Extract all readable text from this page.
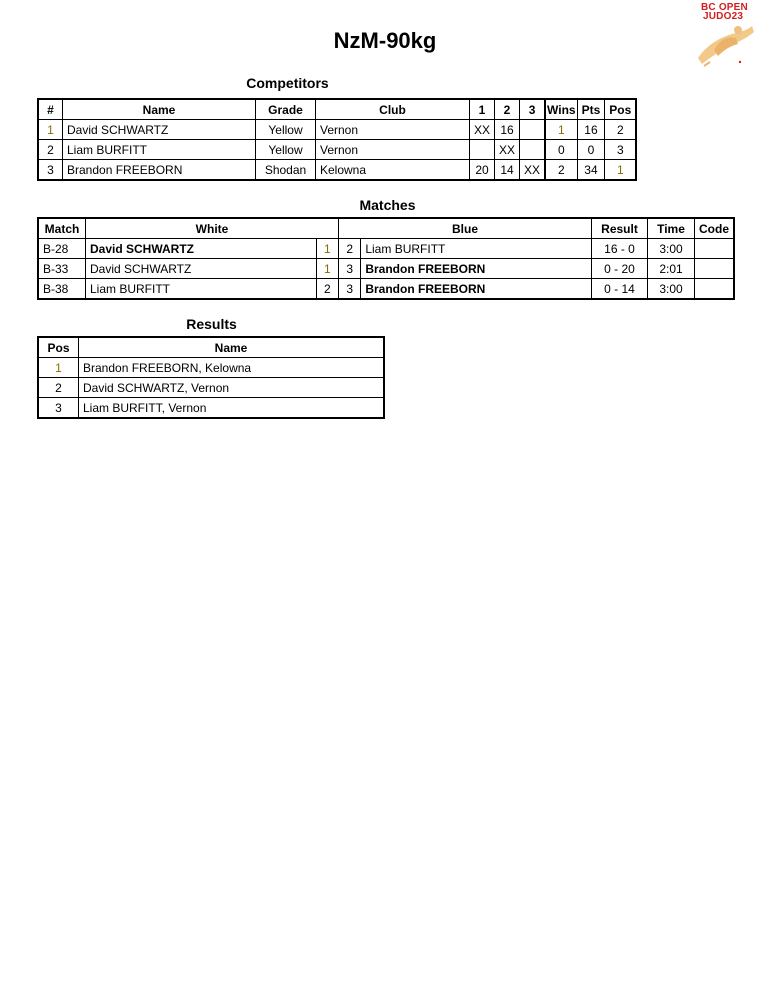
NzM-90kg
BC OPEN
JUDO23
Competitors
#	Name	Grade	Club	1	2	3	Wins	Pts	Pos
1	David SCHWARTZ	Yellow	Vernon	XX	16		1	16	2
2	Liam BURFITT	Yellow	Vernon		XX		0	0	3
3	Brandon FREEBORN	Shodan	Kelowna	20	14	XX	2	34	1
Matches
Match	White		Blue		Result	Time	Code
B-28	David SCHWARTZ	1	2	Liam BURFITT	16 - 0	3:00	
B-33	David SCHWARTZ	1	3	Brandon FREEBORN	0 - 20	2:01	
B-38	Liam BURFITT	2	3	Brandon FREEBORN	0 - 14	3:00	
Results
Pos	Name
1	Brandon FREEBORN, Kelowna
2	David SCHWARTZ, Vernon
3	Liam BURFITT, Vernon
